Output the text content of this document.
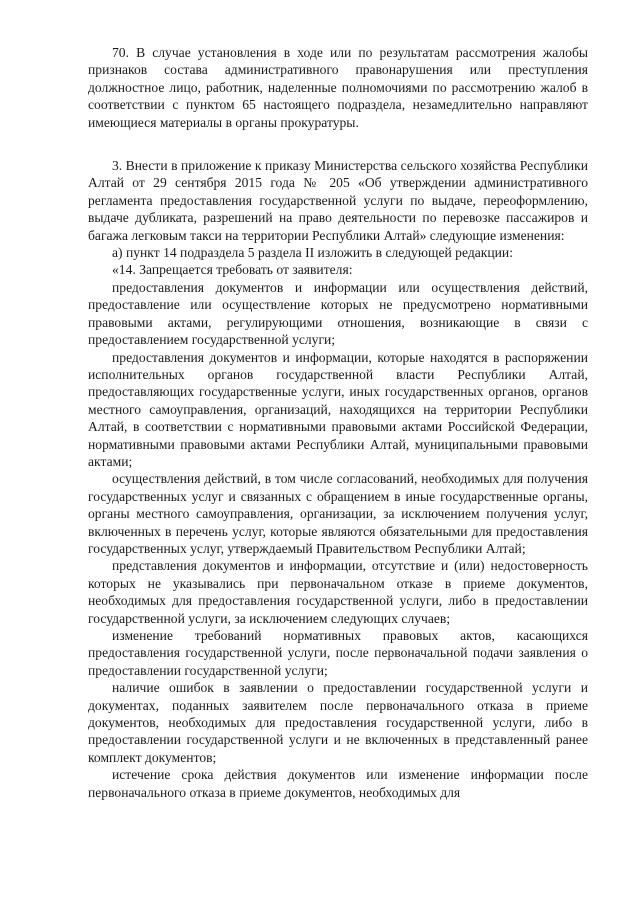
70. В случае установления в ходе или по результатам рассмотрения жалобы признаков состава административного правонарушения или преступления должностное лицо, работник, наделенные полномочиями по рассмотрению жалоб в соответствии с пунктом 65 настоящего подраздела, незамедлительно направляют имеющиеся материалы в органы прокуратуры.

3. Внести в приложение к приказу Министерства сельского хозяйства Республики Алтай от 29 сентября 2015 года № 205 «Об утверждении административного регламента предоставления государственной услуги по выдаче, переоформлению, выдаче дубликата, разрешений на право деятельности по перевозке пассажиров и багажа легковым такси на территории Республики Алтай» следующие изменения:

а) пункт 14 подраздела 5 раздела II изложить в следующей редакции:

«14. Запрещается требовать от заявителя:

предоставления документов и информации или осуществления действий, предоставление или осуществление которых не предусмотрено нормативными правовыми актами, регулирующими отношения, возникающие в связи с предоставлением государственной услуги;

предоставления документов и информации, которые находятся в распоряжении исполнительных органов государственной власти Республики Алтай, предоставляющих государственные услуги, иных государственных органов, органов местного самоуправления, организаций, находящихся на территории Республики Алтай, в соответствии с нормативными правовыми актами Российской Федерации, нормативными правовыми актами Республики Алтай, муниципальными правовыми актами;

осуществления действий, в том числе согласований, необходимых для получения государственных услуг и связанных с обращением в иные государственные органы, органы местного самоуправления, организации, за исключением получения услуг, включенных в перечень услуг, которые являются обязательными для предоставления государственных услуг, утверждаемый Правительством Республики Алтай;

представления документов и информации, отсутствие и (или) недостоверность которых не указывались при первоначальном отказе в приеме документов, необходимых для предоставления государственной услуги, либо в предоставлении государственной услуги, за исключением следующих случаев;

изменение требований нормативных правовых актов, касающихся предоставления государственной услуги, после первоначальной подачи заявления о предоставлении государственной услуги;

наличие ошибок в заявлении о предоставлении государственной услуги и документах, поданных заявителем после первоначального отказа в приеме документов, необходимых для предоставления государственной услуги, либо в предоставлении государственной услуги и не включенных в представленный ранее комплект документов;

истечение срока действия документов или изменение информации после первоначального отказа в приеме документов, необходимых для
